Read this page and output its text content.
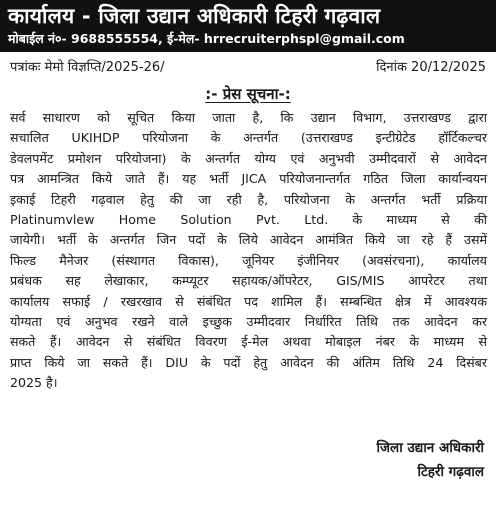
कार्यालय - जिला उद्यान अधिकारी टिहरी गढ़वाल
मोबाईल नं०- 9688555554, ई-मेल- hrrecruiterphspl@gmail.com
पत्रांकः मेमो विज्ञप्ति/2025-26/	दिनांक 20/12/2025
:- प्रेस सूचना-:
सर्व साधारण को सूचित किया जाता है, कि उद्यान विभाग, उत्तराखण्ड द्वारा
सचालित UKIHDP परियोजना के अन्तर्गत (उत्तराखण्ड इन्टीग्रेटेड हॉर्टिकल्चर
डेवलपमेंट प्रमोशन परियोजना) के अन्तर्गत योग्य एवं अनुभवी उम्मीदवारों से आवेदन
पत्र आमन्त्रित किये जाते हैं। यह भर्ती JICA परियोजनान्तर्गत गठित जिला कार्यान्वयन
इकाई टिहरी गढ़वाल हेतु की जा रही है, परियोजना के अन्तर्गत भर्ती प्रक्रिया
Platinumvlew Home Solution Pvt. Ltd. के माध्यम से की
जायेगी। भर्ती के अन्तर्गत जिन पदों के लिये आवेदन आमंत्रित किये जा रहे हैं उसमें
फिल्ड मैनेजर (संस्थागत विकास), जूनियर इंजीनियर (अवसंरचना), कार्यालय
प्रबंधक सह लेखाकार, कम्प्यूटर सहायक/ऑपरेटर, GIS/MIS आपरेटर तथा
कार्यालय सफाई / रखरखाव से संबंधित पद शामिल हैं। सम्बन्धित क्षेत्र में आवश्यक
योग्यता एवं अनुभव रखने वाले इच्छुक उम्मीदवार निर्धारित तिथि तक आवेदन कर
सकते हैं। आवेदन से संबंधित विवरण ई-मेल अथवा मोबाइल नंबर के माध्यम से
प्राप्त किये जा सकते हैं। DIU के पदों हेतु आवेदन की अंतिम तिथि 24 दिसंबर
2025 है।
जिला उद्यान अधिकारी
टिहरी गढ़वाल
